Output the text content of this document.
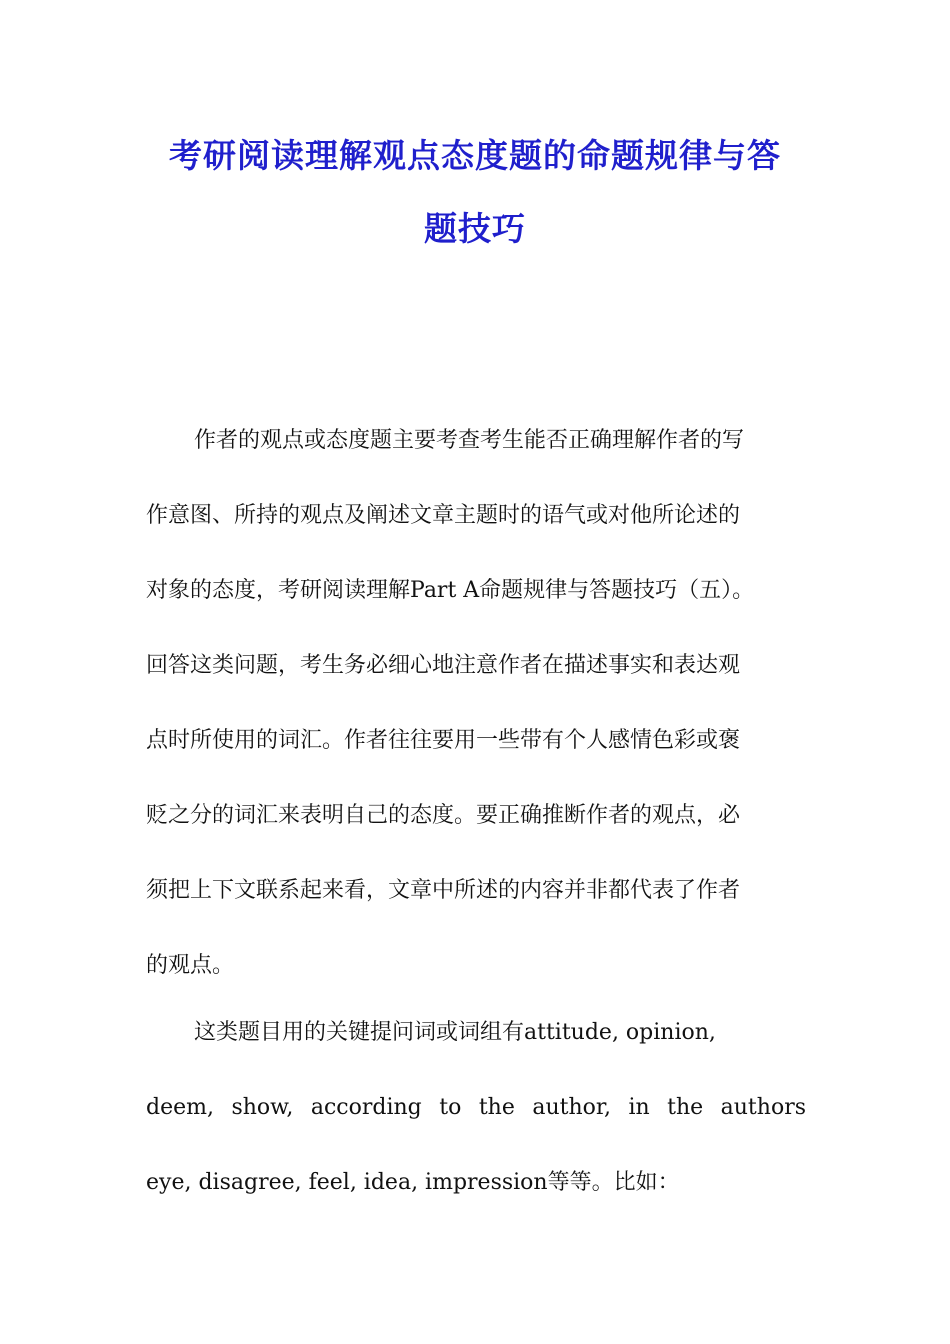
考研阅读理解观点态度题的命题规律与答
题技巧
作者的观点或态度题主要考查考生能否正确理解作者的写
作意图、所持的观点及阐述文章主题时的语气或对他所论述的
对象的态度，考研阅读理解Part A命题规律与答题技巧（五）。
回答这类问题，考生务必细心地注意作者在描述事实和表达观
点时所使用的词汇。作者往往要用一些带有个人感情色彩或褒
贬之分的词汇来表明自己的态度。要正确推断作者的观点，必
须把上下文联系起来看，文章中所述的内容并非都代表了作者
的观点。
这类题目用的关键提问词或词组有attitude, opinion,
deem, show, according to the author, in the authors
eye, disagree, feel, idea, impression等等。比如：
